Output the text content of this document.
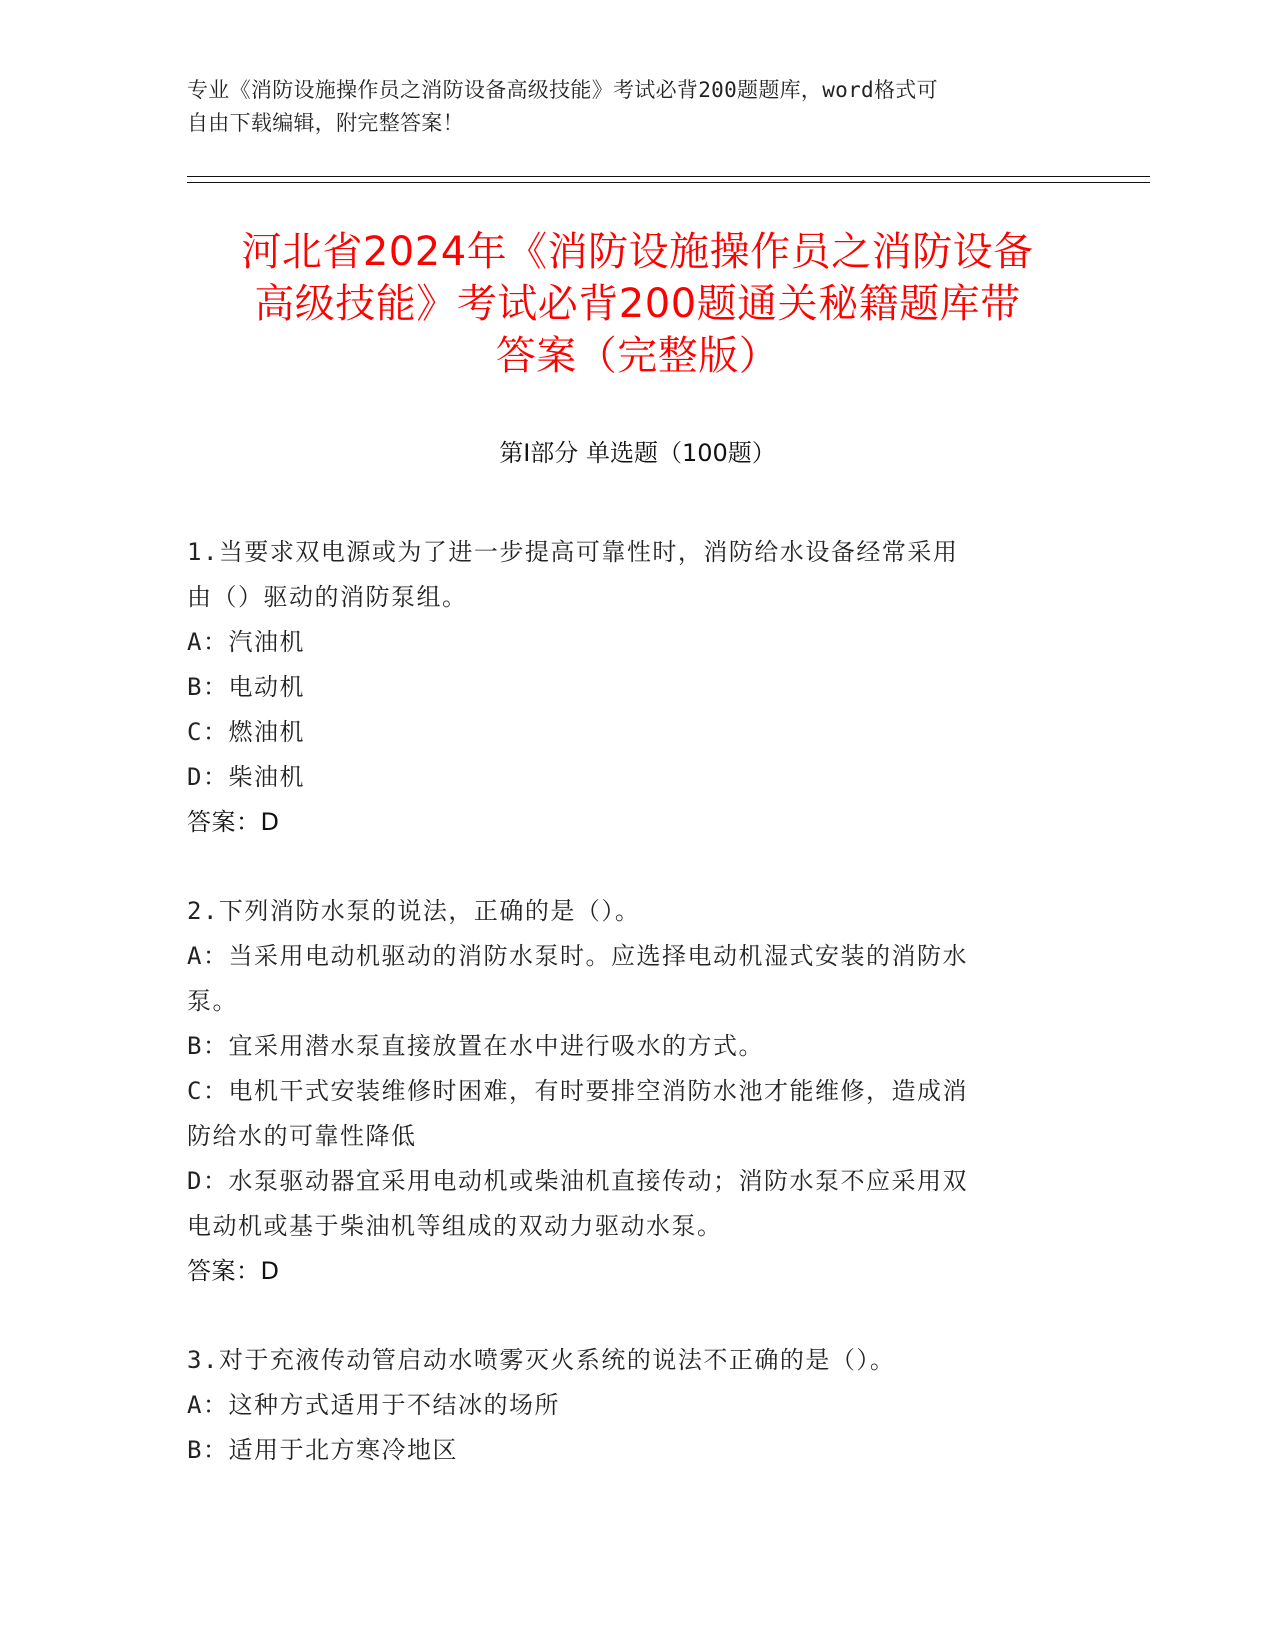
专业《消防设施操作员之消防设备高级技能》考试必背200题题库，word格式可
自由下载编辑，附完整答案！
河北省2024年《消防设施操作员之消防设备
高级技能》考试必背200题通关秘籍题库带
答案（完整版）
第I部分 单选题（100题）
1.当要求双电源或为了进一步提高可靠性时，消防给水设备经常采用
由（）驱动的消防泵组。
A：汽油机
B：电动机
C：燃油机
D：柴油机
答案：D
2.下列消防水泵的说法，正确的是（）。
A：当采用电动机驱动的消防水泵时。应选择电动机湿式安装的消防水
泵。
B：宜采用潜水泵直接放置在水中进行吸水的方式。
C：电机干式安装维修时困难，有时要排空消防水池才能维修，造成消
防给水的可靠性降低
D：水泵驱动器宜采用电动机或柴油机直接传动；消防水泵不应采用双
电动机或基于柴油机等组成的双动力驱动水泵。
答案：D
3.对于充液传动管启动水喷雾灭火系统的说法不正确的是（）。
A：这种方式适用于不结冰的场所
B：适用于北方寒冷地区
